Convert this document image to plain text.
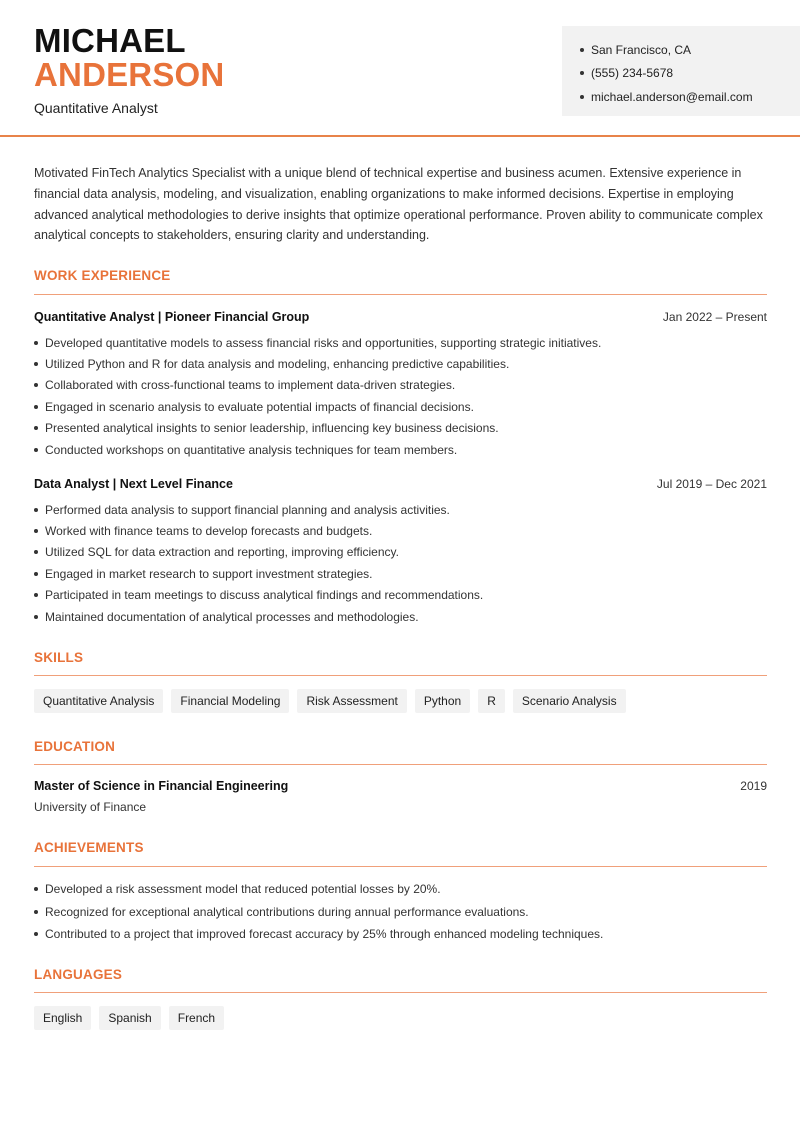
MICHAEL
ANDERSON
Quantitative Analyst
San Francisco, CA
(555) 234-5678
michael.anderson@email.com

Motivated FinTech Analytics Specialist with a unique blend of technical expertise and business acumen. Extensive experience in financial data analysis, modeling, and visualization, enabling organizations to make informed decisions. Expertise in employing advanced analytical methodologies to derive insights that optimize operational performance. Proven ability to communicate complex analytical concepts to stakeholders, ensuring clarity and understanding.

WORK EXPERIENCE
Quantitative Analyst | Pioneer Financial Group	Jan 2022 – Present
Developed quantitative models to assess financial risks and opportunities, supporting strategic initiatives.
Utilized Python and R for data analysis and modeling, enhancing predictive capabilities.
Collaborated with cross-functional teams to implement data-driven strategies.
Engaged in scenario analysis to evaluate potential impacts of financial decisions.
Presented analytical insights to senior leadership, influencing key business decisions.
Conducted workshops on quantitative analysis techniques for team members.
Data Analyst | Next Level Finance	Jul 2019 – Dec 2021
Performed data analysis to support financial planning and analysis activities.
Worked with finance teams to develop forecasts and budgets.
Utilized SQL for data extraction and reporting, improving efficiency.
Engaged in market research to support investment strategies.
Participated in team meetings to discuss analytical findings and recommendations.
Maintained documentation of analytical processes and methodologies.
SKILLS
Quantitative Analysis	Financial Modeling	Risk Assessment	Python	R	Scenario Analysis
EDUCATION
Master of Science in Financial Engineering	2019
University of Finance
ACHIEVEMENTS
Developed a risk assessment model that reduced potential losses by 20%.
Recognized for exceptional analytical contributions during annual performance evaluations.
Contributed to a project that improved forecast accuracy by 25% through enhanced modeling techniques.
LANGUAGES
English	Spanish	French
